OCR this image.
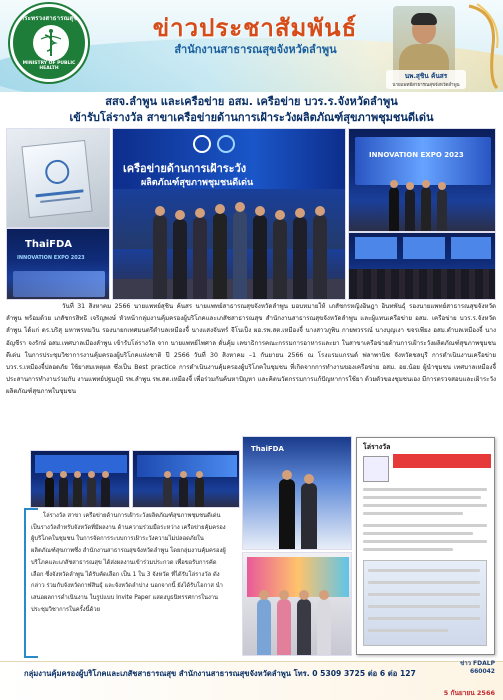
กระทรวงสาธารณสุข
MINISTRY OF PUBLIC HEALTH
ข่าวประชาสัมพันธ์
สำนักงานสาธารณสุขจังหวัดลำพูน
นพ.สุชิน ค้นสร
นายแพทย์สาธารณสุขจังหวัดลำพูน
สสจ.ลำพูน และเครือข่าย อสม. เครือข่าย บวร.ร.จังหวัดลำพูน
เข้ารับโล่รางวัล สาขาเครือข่ายด้านการเฝ้าระวังผลิตภัณฑ์สุขภาพชุมชนดีเด่น
ThaiFDA
INNOVATION EXPO 2023
เครือข่ายด้านการเฝ้าระวัง
ผลิตภัณฑ์สุขภาพชุมชนดีเด่น
INNOVATION EXPO 2023
วันที่ 31 สิงหาคม 2566 นายแพทย์สุชิน ค้นสร นายแพทย์สาธารณสุขจังหวัดลำพูน มอบหมายให้ เภสัชกรหญิงอิษฎา อินทพันธุ์ รองนายแพทย์สาธารณสุขจังหวัดลำพูน พร้อมด้วย เภสัชกรสิทธิ เจริญพงษ์ หัวหน้ากลุ่มงานคุ้มครองผู้บริโภคและเภสัชสาธารณสุข สำนักงานสาธารณสุขจังหวัดลำพูน และผู้แทนเครือข่าย อสม. เครือข่าย บวร.ร.จังหวัดลำพูน ได้แก่ ดร.บริสุ มหาพรหมวิน รองนายกเทศมนตรีตำบลเหมืองจี้ นางแสงจันทร์ จีโนเป็ง ผอ.รพ.สต.เหมืองจี้ นางสาวภูพิน กายพวรรณ์ นางบุญเงา ขจรเพียง อสม.ตำบลเหมืองจี้ นางอัญชีรา จงรักษ์ อสม.เทศบาลเมืองลำพูน เข้ารับโล่รางวัล จาก นายแพทย์ไพศาล ดั่นคุ้ม เลขาธิการคณะกรรมการอาหารและยา ในสาขาเครือข่ายด้านการเฝ้าระวังผลิตภัณฑ์สุขภาพชุมชนดีเด่น ในการประชุมวิชาการงานคุ้มครองผู้บริโภคแห่งชาติ ปี 2566 วันที่ 30 สิงหาคม –1 กันยายน 2566 ณ โรงแรมแกรนด์ ฟลาพานิช จังหวัดชลบุรี การดำเนินงานเครือข่ายบวร.ร.เหมืองจี้ปลอดภัย ใช้ยาสมเหตุผล ซึ่งเป็น Best practice การดำเนินงานคุ้มครองผู้บริโภคในชุมชน ที่เกิดจากการทำงานของเครือข่าย อสม. อย.น้อย ผู้นำชุมชน เทศบาลเหมืองจี้ ประสานการทำงานร่วมกับ งานแพทย์ปฐมภูมิ รพ.ลำพูน รพ.สต.เหมืองจี้ เพื่อร่วมกันค้นหาปัญหา และคิดนวัตกรรมการแก้ปัญหาการใช้ยา ด้วยตัวของชุมชนเอง มีการตรวจสอบและเฝ้าระวังผลิตภัณฑ์สุขภาพในชุมชน
ThaiFDA	โล่รางวัล
โล่รางวัล สาขา เครือข่ายด้านการเฝ้าระวังผลิตภัณฑ์สุขภาพชุมชนดีเด่น เป็นรางวัลสำหรับจังหวัดที่มีผลงาน ด้านความร่วมมือระหว่าง เครือข่ายคุ้มครองผู้บริโภคในชุมชน ในการจัดการระบบการเฝ้าระวังความไม่ปลอดภัยในผลิตภัณฑ์สุขภาพซึ่ง สำนักงานสาธารณสุขจังหวัดลำพูน โดยกลุ่มงานคุ้มครองผู้บริโภคและเภสัชสาธารณสุข ได้ส่งผลงานเข้าร่วมประกวด เพื่อขอรับการคัดเลือก ซึ่งจังหวัดลำพูน ได้รับคัดเลือก เป็น 1 ใน 3 จังหวัด ที่ได้รับโล่รางวัล ดังกล่าว ร่วมกับจังหวัดกาฬสินธุ์ และจังหวัดลำปาง นอกจากนี้ ยังได้รับโอกาส นำเสนอผลการดำเนินงาน ในรูปแบบ Invite Paper แสดงบูธนิทรรศการในงานประชุมวิชาการในครั้งนี้ด้วย
กลุ่มงานคุ้มครองผู้บริโภคและเภสัชสาธารณสุข สำนักงานสาธารณสุขจังหวัดลำพูน โทร. 0 5309 3725 ต่อ 6 ต่อ 127
ข่าว FDALP
660042
5 กันยายน 2566
